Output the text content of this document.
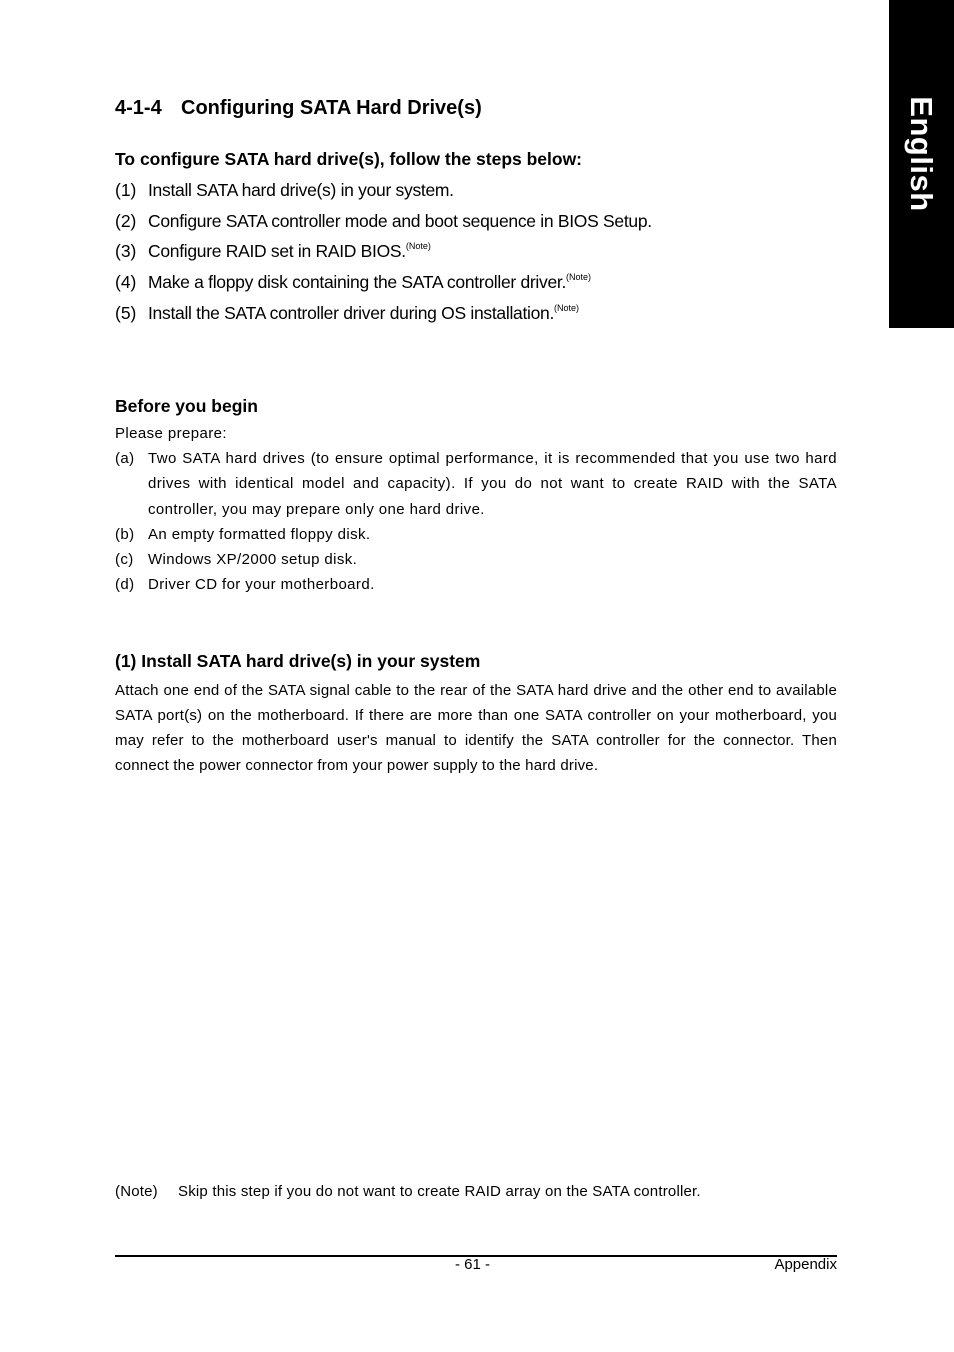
English
4-1-4 Configuring SATA Hard Drive(s)
To configure SATA hard drive(s), follow the steps below:
(1) Install SATA hard drive(s) in your system.
(2) Configure SATA controller mode and boot sequence in BIOS Setup.
(3) Configure RAID set in RAID BIOS.$^{(Note)}$
(4) Make a floppy disk containing the SATA controller driver.$^{(Note)}$
(5) Install the SATA controller driver during OS installation.$^{(Note)}$
Before you begin
Please prepare:
(a) Two SATA hard drives (to ensure optimal performance, it is recommended that you use two hard drives with identical model and capacity). If you do not want to create RAID with the SATA controller, you may prepare only one hard drive.
(b) An empty formatted floppy disk.
(c) Windows XP/2000 setup disk.
(d) Driver CD for your motherboard.
(1) Install SATA hard drive(s) in your system
Attach one end of the SATA signal cable to the rear of the SATA hard drive and the other end to available SATA port(s) on the motherboard. If there are more than one SATA controller on your motherboard, you may refer to the motherboard user's manual to identify the SATA controller for the connector. Then connect the power connector from your power supply to the hard drive.
(Note) Skip this step if you do not want to create RAID array on the SATA controller.
- 61 -	Appendix
